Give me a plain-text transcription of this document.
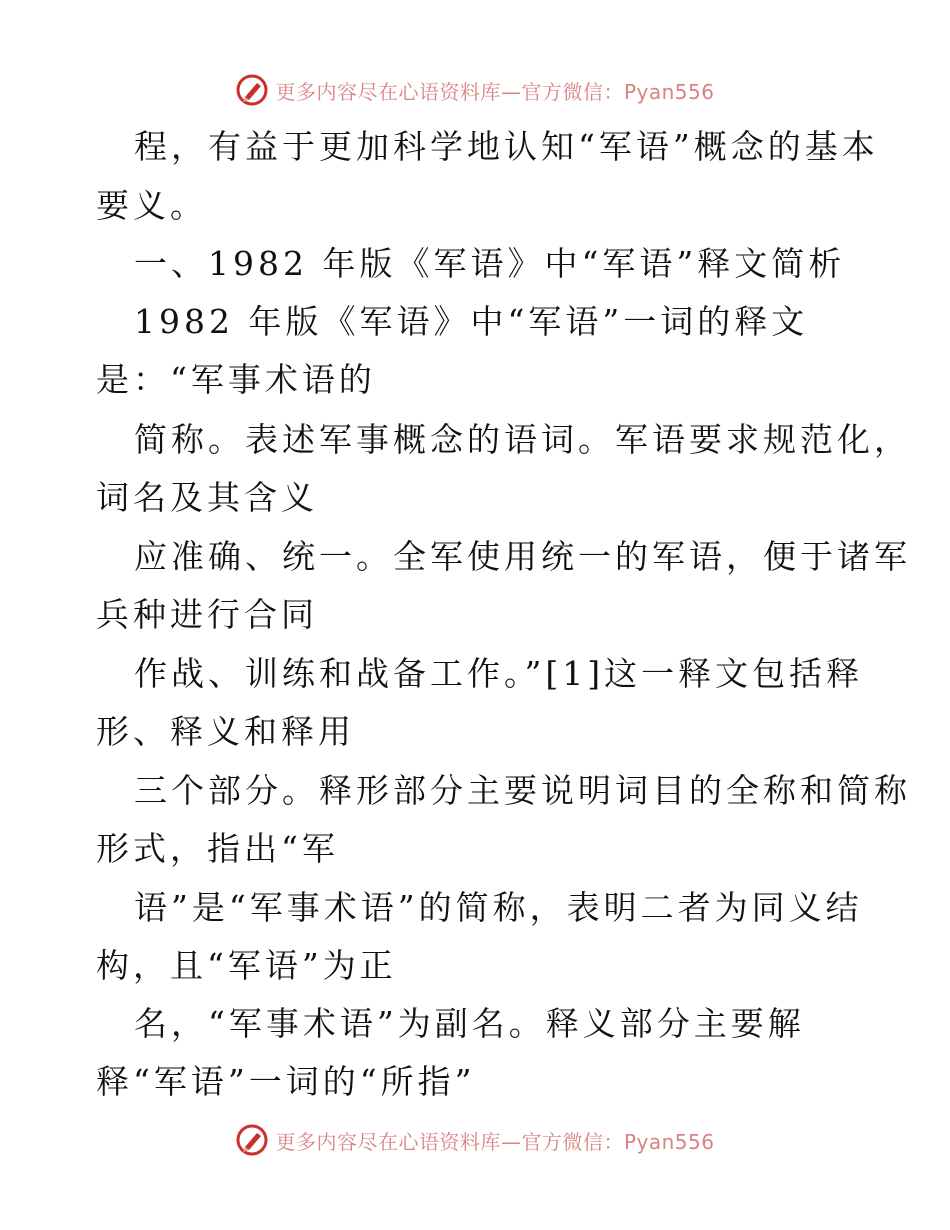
更多内容尽在心语资料库—官方微信：Pyan556
程，有益于更加科学地认知“军语”概念的基本
要义。
一、1982 年版《军语》中“军语”释文简析
1982 年版《军语》中“军语”一词的释文
是：“军事术语的
简称。表述军事概念的语词。军语要求规范化，
词名及其含义
应准确、统一。全军使用统一的军语，便于诸军
兵种进行合同
作战、训练和战备工作。”[1]这一释文包括释
形、释义和释用
三个部分。释形部分主要说明词目的全称和简称
形式，指出“军
语”是“军事术语”的简称，表明二者为同义结
构，且“军语”为正
名，“军事术语”为副名。释义部分主要解
释“军语”一词的“所指”
更多内容尽在心语资料库—官方微信：Pyan556
